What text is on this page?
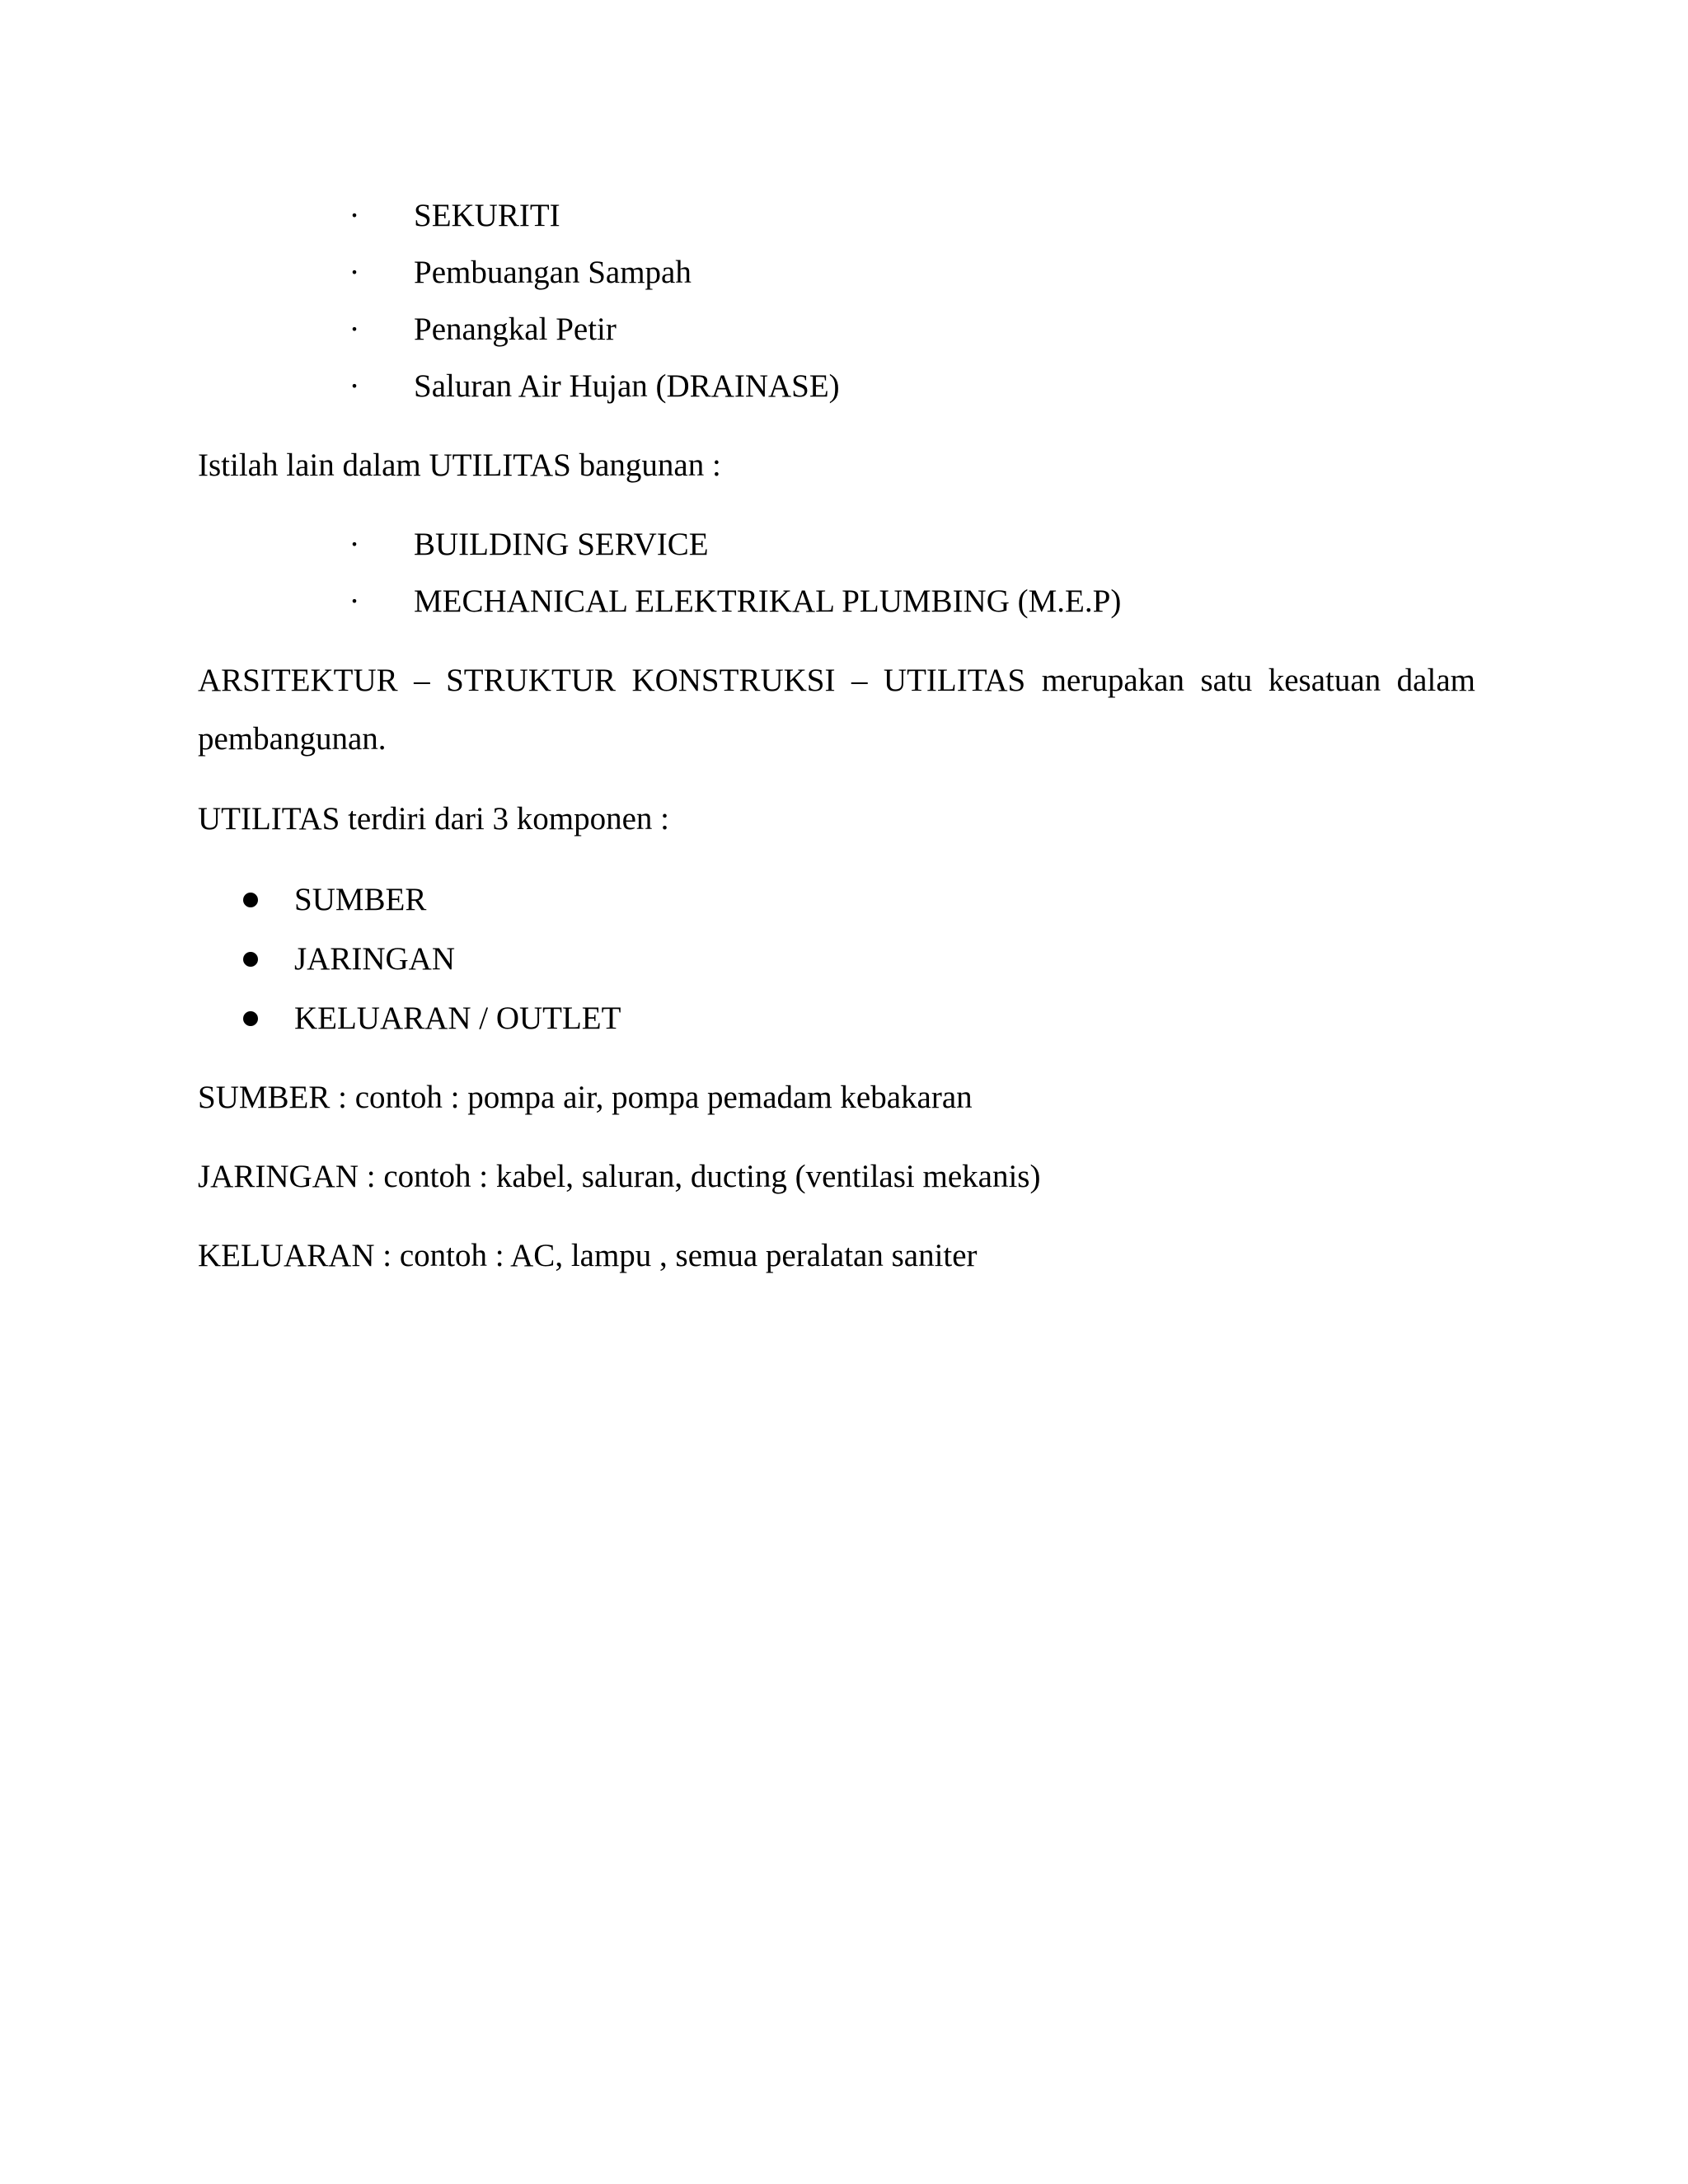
· SEKURITI
· Pembuangan Sampah
· Penangkal Petir
· Saluran Air Hujan (DRAINASE)
Istilah lain dalam UTILITAS bangunan :
· BUILDING SERVICE
· MECHANICAL ELEKTRIKAL PLUMBING (M.E.P)
ARSITEKTUR – STRUKTUR KONSTRUKSI – UTILITAS merupakan satu kesatuan dalam
pembangunan.
UTILITAS terdiri dari 3 komponen :
SUMBER
JARINGAN
KELUARAN / OUTLET
SUMBER : contoh : pompa air, pompa pemadam kebakaran
JARINGAN : contoh : kabel, saluran, ducting (ventilasi mekanis)
KELUARAN : contoh : AC, lampu , semua peralatan saniter
